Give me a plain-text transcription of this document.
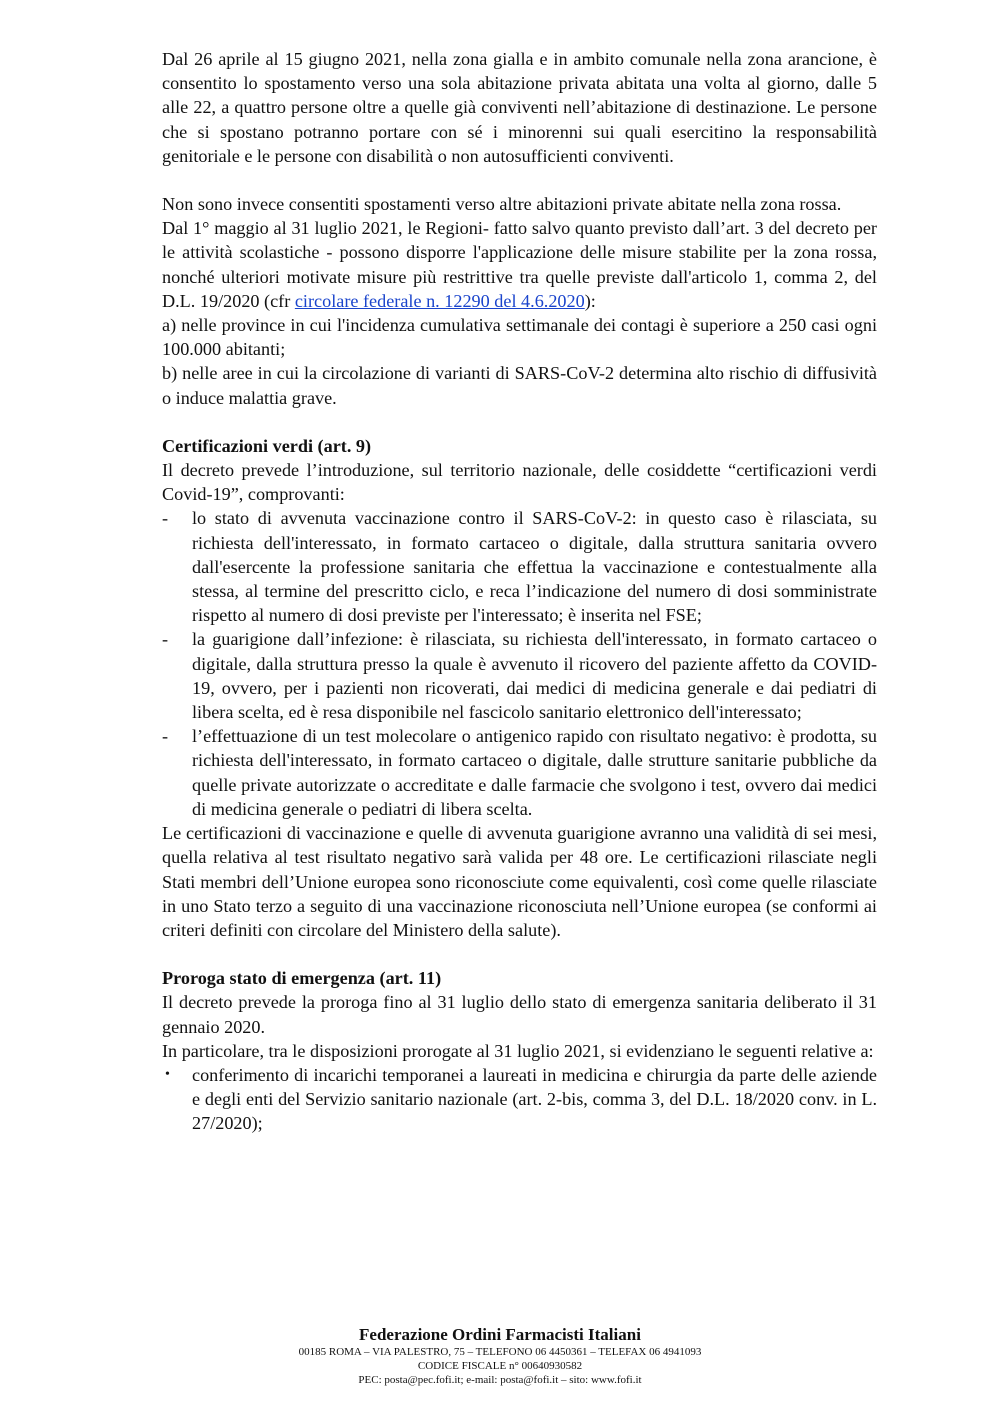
Dal 26 aprile al 15 giugno 2021, nella zona gialla e in ambito comunale nella zona arancione, è consentito lo spostamento verso una sola abitazione privata abitata una volta al giorno, dalle 5 alle 22, a quattro persone oltre a quelle già conviventi nell’abitazione di destinazione. Le persone che si spostano potranno portare con sé i minorenni sui quali esercitino la responsabilità genitoriale e le persone con disabilità o non autosufficienti conviventi.

Non sono invece consentiti spostamenti verso altre abitazioni private abitate nella zona rossa.

Dal 1° maggio al 31 luglio 2021, le Regioni- fatto salvo quanto previsto dall’art. 3 del decreto per le attività scolastiche - possono disporre l'applicazione delle misure stabilite per la zona rossa, nonché ulteriori motivate misure più restrittive tra quelle previste dall'articolo 1, comma 2, del D.L. 19/2020 (cfr circolare federale n. 12290 del 4.6.2020):

a) nelle province in cui l'incidenza cumulativa settimanale dei contagi è superiore a 250 casi ogni 100.000 abitanti;

b) nelle aree in cui la circolazione di varianti di SARS-CoV-2 determina alto rischio di diffusività o induce malattia grave.

Certificazioni verdi (art. 9)

Il decreto prevede l’introduzione, sul territorio nazionale, delle cosiddette “certificazioni verdi Covid-19”, comprovanti:

- lo stato di avvenuta vaccinazione contro il SARS-CoV-2: in questo caso è rilasciata, su richiesta dell'interessato, in formato cartaceo o digitale, dalla struttura sanitaria ovvero dall'esercente la professione sanitaria che effettua la vaccinazione e contestualmente alla stessa, al termine del prescritto ciclo, e reca l’indicazione del numero di dosi somministrate rispetto al numero di dosi previste per l'interessato; è inserita nel FSE;
- la guarigione dall’infezione: è rilasciata, su richiesta dell'interessato, in formato cartaceo o digitale, dalla struttura presso la quale è avvenuto il ricovero del paziente affetto da COVID-19, ovvero, per i pazienti non ricoverati, dai medici di medicina generale e dai pediatri di libera scelta, ed è resa disponibile nel fascicolo sanitario elettronico dell'interessato;
- l’effettuazione di un test molecolare o antigenico rapido con risultato negativo: è prodotta, su richiesta dell'interessato, in formato cartaceo o digitale, dalle strutture sanitarie pubbliche da quelle private autorizzate o accreditate e dalle farmacie che svolgono i test, ovvero dai medici di medicina generale o pediatri di libera scelta.

Le certificazioni di vaccinazione e quelle di avvenuta guarigione avranno una validità di sei mesi, quella relativa al test risultato negativo sarà valida per 48 ore. Le certificazioni rilasciate negli Stati membri dell’Unione europea sono riconosciute come equivalenti, così come quelle rilasciate in uno Stato terzo a seguito di una vaccinazione riconosciuta nell’Unione europea (se conformi ai criteri definiti con circolare del Ministero della salute).

Proroga stato di emergenza (art. 11)

Il decreto prevede la proroga fino al 31 luglio dello stato di emergenza sanitaria deliberato il 31 gennaio 2020.

In particolare, tra le disposizioni prorogate al 31 luglio 2021, si evidenziano le seguenti relative a:

• conferimento di incarichi temporanei a laureati in medicina e chirurgia da parte delle aziende e degli enti del Servizio sanitario nazionale (art. 2-bis, comma 3, del D.L. 18/2020 conv. in L. 27/2020);
Federazione Ordini Farmacisti Italiani
00185 ROMA – VIA PALESTRO, 75 – TELEFONO 06 4450361 – TELEFAX 06 4941093
CODICE FISCALE n° 00640930582
PEC: posta@pec.fofi.it; e-mail: posta@fofi.it – sito: www.fofi.it
